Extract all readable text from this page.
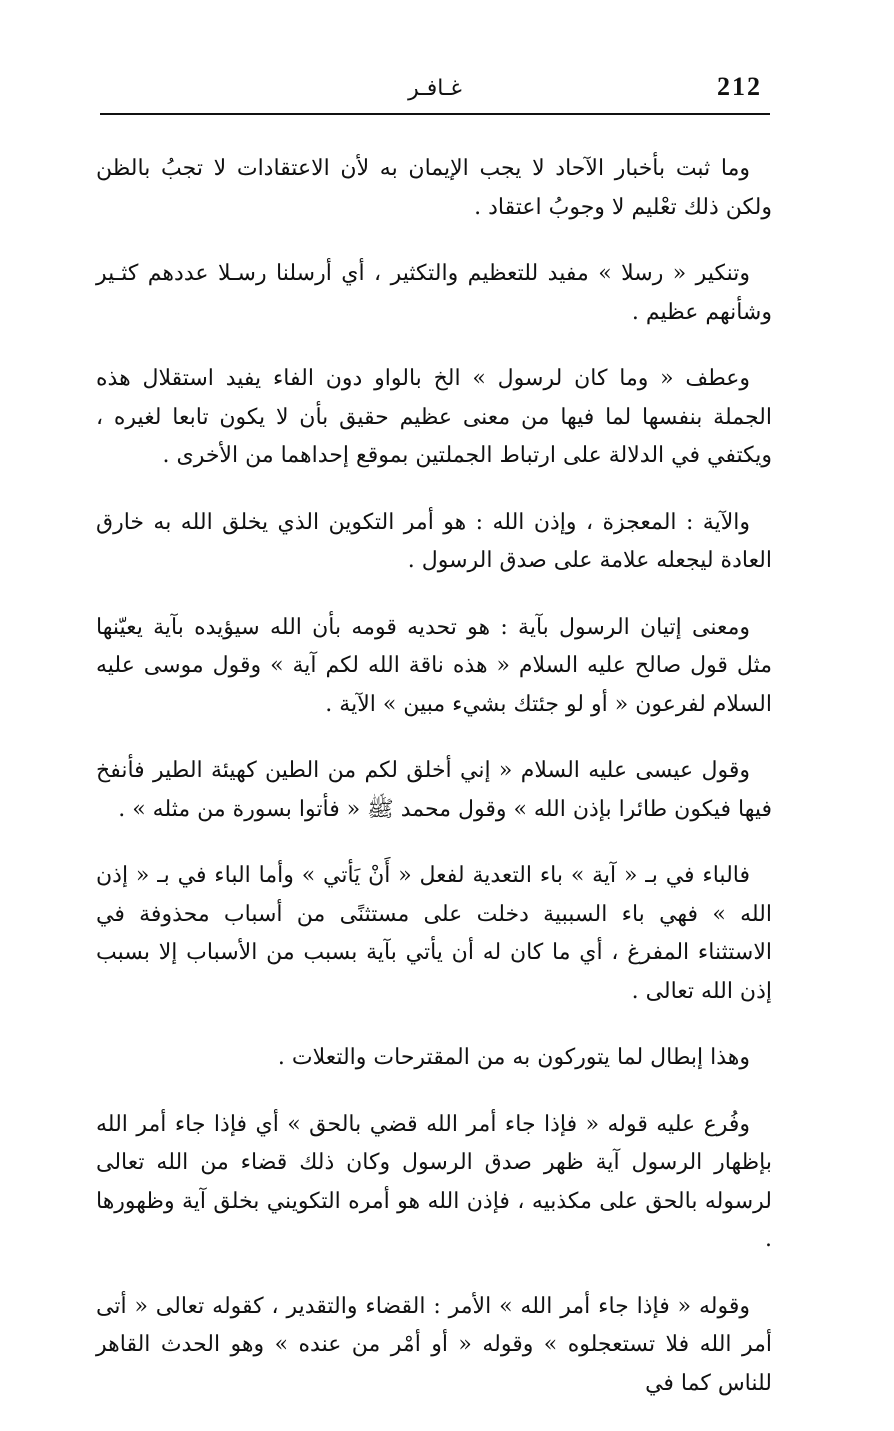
212
غـافـر

وما ثبت بأخبار الآحاد لا يجب الإيمان به لأن الاعتقادات لا تجبُ بالظن ولكن ذلك تعْليم لا وجوبُ اعتقاد .

وتنكير « رسلا » مفيد للتعظيم والتكثير ، أي أرسلنا رسـلا عددهم كثـير وشأنهم عظيم .

وعطف « وما كان لرسول » الخ بالواو دون الفاء يفيد استقلال هذه الجملة بنفسها لما فيها من معنى عظيم حقيق بأن لا يكون تابعا لغيره ، ويكتفي في الدلالة على ارتباط الجملتين بموقع إحداهما من الأخرى .

والآية : المعجزة ، وإذن الله : هو أمر التكوين الذي يخلق الله به خارق العادة ليجعله علامة على صدق الرسول .

ومعنى إتيان الرسول بآية : هو تحديه قومه بأن الله سيؤيده بآية يعيّنها مثل قول صالح عليه السلام « هذه ناقة الله لكم آية » وقول موسى عليه السلام لفرعون « أو لو جئتك بشيء مبين » الآية .

وقول عيسى عليه السلام « إني أخلق لكم من الطين كهيئة الطير فأنفخ فيها فيكون طائرا بإذن الله » وقول محمد ﷺ « فأتوا بسورة من مثله » .

فالباء في بـ « آية » باء التعدية لفعل « أَنْ يَأتي » وأما الباء في بـ « إذن الله » فهي باء السببية دخلت على مستثنًى من أسباب محذوفة في الاستثناء المفرغ ، أي ما كان له أن يأتي بآية بسبب من الأسباب إلا بسبب إذن الله تعالى .

وهذا إبطال لما يتوركون به من المقترحات والتعلات .

وفُرع عليه قوله « فإذا جاء أمر الله قضي بالحق » أي فإذا جاء أمر الله بإظهار الرسول آية ظهر صدق الرسول وكان ذلك قضاء من الله تعالى لرسوله بالحق على مكذبيه ، فإذن الله هو أمره التكويني بخلق آية وظهورها .

وقوله « فإذا جاء أمر الله » الأمر : القضاء والتقدير ، كقوله تعالى « أتى أمر الله فلا تستعجلوه » وقوله « أو أمْر من عنده » وهو الحدث القاهر للناس كما في
